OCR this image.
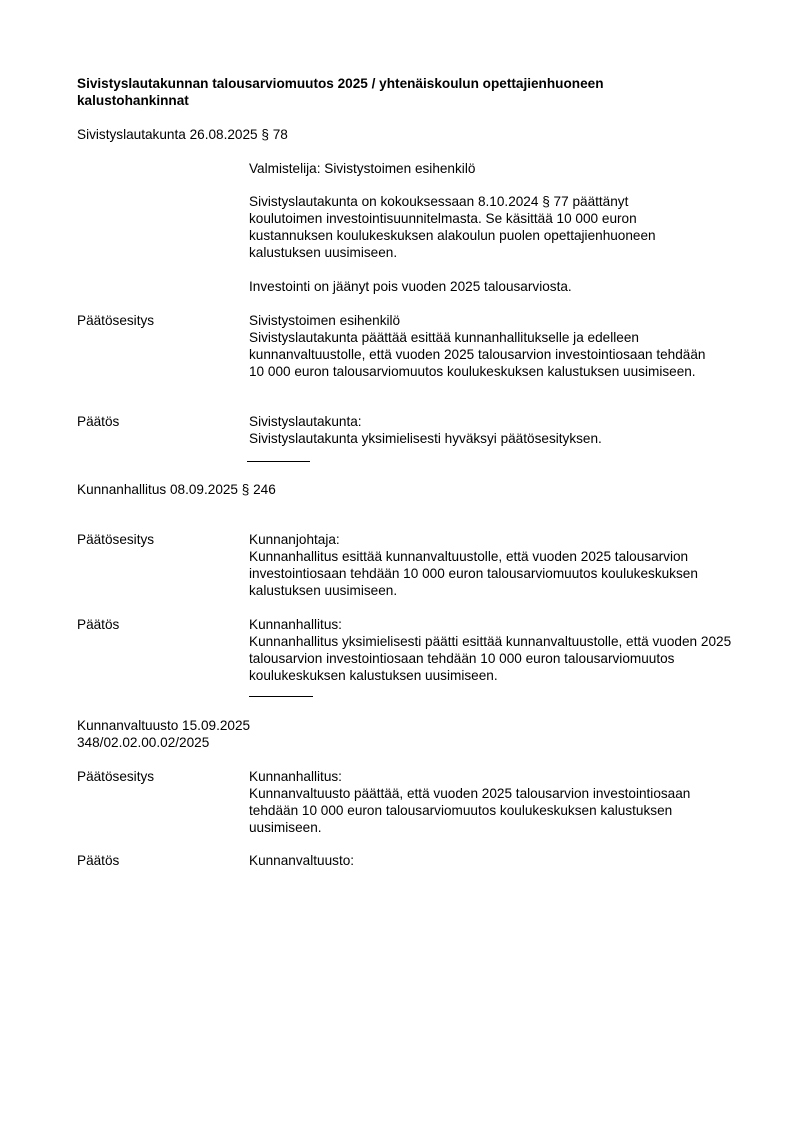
Sivistyslautakunnan talousarviomuutos 2025 / yhtenäiskoulun opettajienhuoneen kalustohankinnat
Sivistyslautakunta 26.08.2025 § 78
Valmistelija: Sivistystoimen esihenkilö
Sivistyslautakunta on kokouksessaan 8.10.2024 § 77 päättänyt koulutoimen investointisuunnitelmasta. Se käsittää 10 000 euron kustannuksen koulukeskuksen alakoulun puolen opettajienhuoneen kalustuksen uusimiseen.
Investointi on jäänyt pois vuoden 2025 talousarviosta.
Päätösesitys	Sivistystoimen esihenkilö
Sivistyslautakunta päättää esittää kunnanhallitukselle ja edelleen kunnanvaltuustolle, että vuoden 2025 talousarvion investointiosaan tehdään 10 000 euron talousarviomuutos koulukeskuksen kalustuksen uusimiseen.
Päätös	Sivistyslautakunta:
Sivistyslautakunta yksimielisesti hyväksyi päätösesityksen.
Kunnanhallitus 08.09.2025 § 246
Päätösesitys	Kunnanjohtaja:
Kunnanhallitus esittää kunnanvaltuustolle, että vuoden 2025 talousarvion investointiosaan tehdään 10 000 euron talousarviomuutos koulukeskuksen kalustuksen uusimiseen.
Päätös	Kunnanhallitus:
Kunnanhallitus yksimielisesti päätti esittää kunnanvaltuustolle, että vuoden 2025 talousarvion investointiosaan tehdään 10 000 euron talousarviomuutos koulukeskuksen kalustuksen uusimiseen.
Kunnanvaltuusto 15.09.2025
348/02.02.00.02/2025
Päätösesitys	Kunnanhallitus:
Kunnanvaltuusto päättää, että vuoden 2025 talousarvion investointiosaan tehdään 10 000 euron talousarviomuutos koulukeskuksen kalustuksen uusimiseen.
Päätös	Kunnanvaltuusto:
